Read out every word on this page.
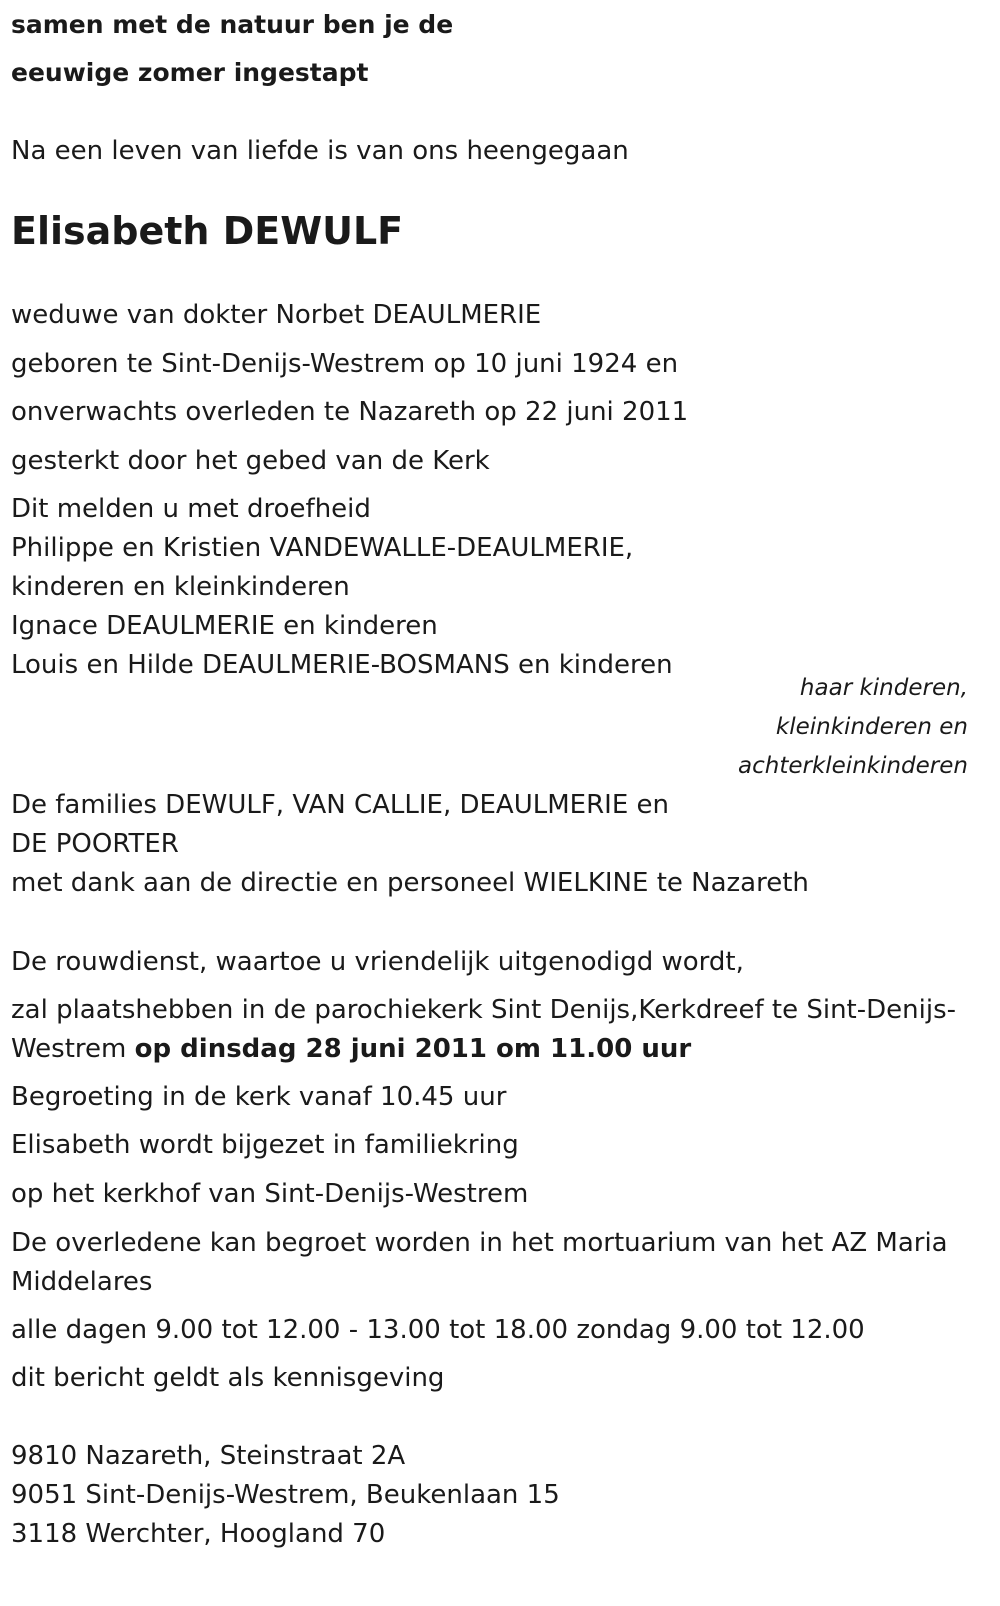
samen met de natuur ben je de

eeuwige zomer ingestapt

Na een leven van liefde is van ons heengegaan

Elisabeth DEWULF

weduwe van dokter Norbet DEAULMERIE

geboren te Sint-Denijs-Westrem op 10 juni 1924 en

onverwachts overleden te Nazareth op 22 juni 2011

gesterkt door het gebed van de Kerk

Dit melden u met droefheid

Philippe en Kristien VANDEWALLE-DEAULMERIE,

kinderen en kleinkinderen

Ignace DEAULMERIE en kinderen

Louis en Hilde DEAULMERIE-BOSMANS en kinderen

haar kinderen,

kleinkinderen en

achterkleinkinderen

De families DEWULF, VAN CALLIE, DEAULMERIE en

DE POORTER

met dank aan de directie en personeel WIELKINE te Nazareth

De rouwdienst, waartoe u vriendelijk uitgenodigd wordt,

zal plaatshebben in de parochiekerk Sint Denijs,Kerkdreef te Sint-Denijs-

Westrem op dinsdag 28 juni 2011 om 11.00 uur

Begroeting in de kerk vanaf 10.45 uur

Elisabeth wordt bijgezet in familiekring

op het kerkhof van Sint-Denijs-Westrem

De overledene kan begroet worden in het mortuarium van het AZ Maria

Middelares

alle dagen 9.00 tot 12.00 - 13.00 tot 18.00 zondag 9.00 tot 12.00

dit bericht geldt als kennisgeving

9810 Nazareth, Steinstraat 2A

9051 Sint-Denijs-Westrem, Beukenlaan 15

3118 Werchter, Hoogland 70
